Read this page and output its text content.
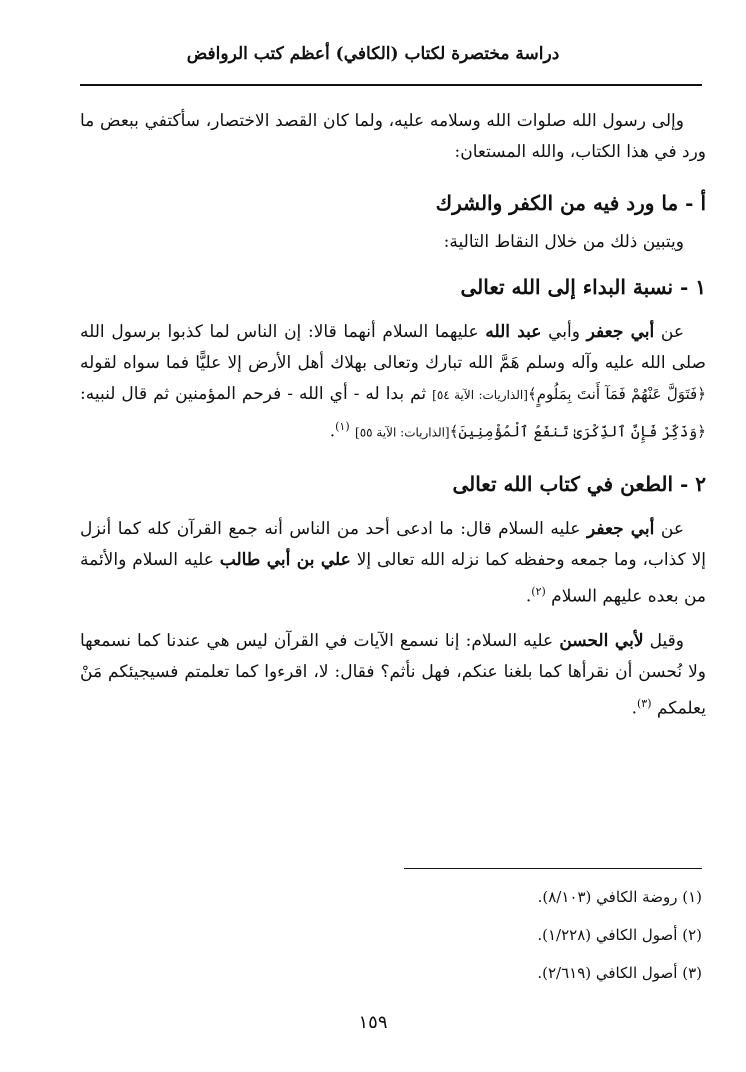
دراسة مختصرة لكتاب (الكافي) أعظم كتب الروافض

وإلى رسول الله صلوات الله وسلامه عليه، ولما كان القصد الاختصار، سأكتفي ببعض ما ورد في هذا الكتاب، والله المستعان:

أ - ما ورد فيه من الكفر والشرك

ويتبين ذلك من خلال النقاط التالية:

١ - نسبة البداء إلى الله تعالى

عن أبي جعفر وأبي عبد الله عليهما السلام أنهما قالا: إن الناس لما كذبوا برسول الله صلى الله عليه وآله وسلم هَمَّ الله تبارك وتعالى بهلاك أهل الأرض إلا عليًّا فما سواه لقوله ﴿فَتَوَلَّ عَنْهُمْ فَمَآ أَنتَ بِمَلُومٍ﴾[الذاريات: الآية ٥٤] ثم بدا له - أي الله - فرحم المؤمنين ثم قال لنبيه: ﴿وَذَكِّرْ فَإِنَّ ٱلذِّكْرَىٰ تَنفَعُ ٱلْمُؤْمِنِينَ﴾[الذاريات: الآية ٥٥] $^{(١)}$.

٢ - الطعن في كتاب الله تعالى

عن أبي جعفر عليه السلام قال: ما ادعى أحد من الناس أنه جمع القرآن كله كما أنزل إلا كذاب، وما جمعه وحفظه كما نزله الله تعالى إلا علي بن أبي طالب عليه السلام والأئمة من بعده عليهم السلام $^{(٢)}$.

وقيل لأبي الحسن عليه السلام: إنا نسمع الآيات في القرآن ليس هي عندنا كما نسمعها ولا نُحسن أن نقرأها كما بلغنا عنكم، فهل نأثم؟ فقال: لا، اقرءوا كما تعلمتم فسيجيئكم مَنْ يعلمكم $^{(٣)}$.

(١) روضة الكافي (٨/١٠٣).

(٢) أصول الكافي (١/٢٢٨).

(٣) أصول الكافي (٢/٦١٩).

١٥٩
